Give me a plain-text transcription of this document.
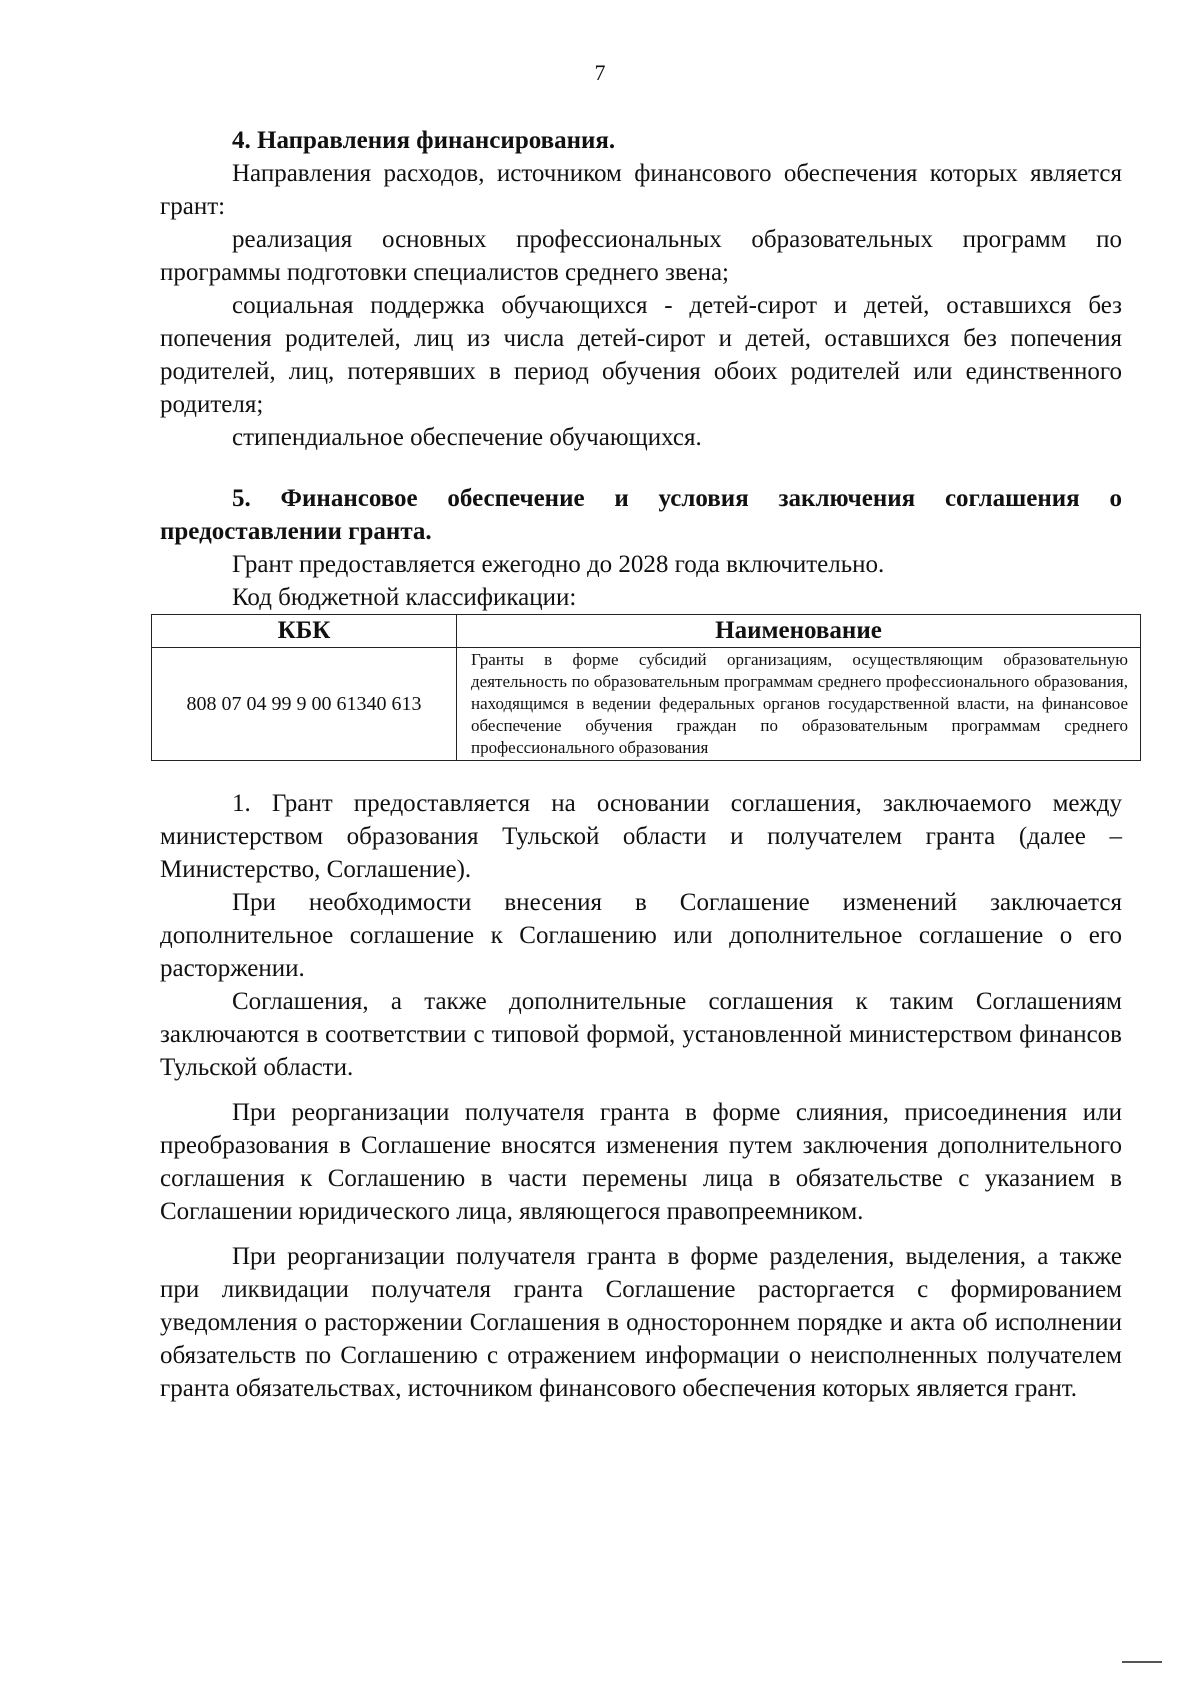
7

4. Направления финансирования.

Направления расходов, источником финансового обеспечения которых является грант:

реализация основных профессиональных образовательных программ по программы подготовки специалистов среднего звена;

социальная поддержка обучающихся - детей-сирот и детей, оставшихся без попечения родителей, лиц из числа детей-сирот и детей, оставшихся без попечения родителей, лиц, потерявших в период обучения обоих родителей или единственного родителя;

стипендиальное обеспечение обучающихся.

5. Финансовое обеспечение и условия заключения соглашения о предоставлении гранта.

Грант предоставляется ежегодно до 2028 года включительно.

Код бюджетной классификации:

КБК	Наименование
808 07 04 99 9 00 61340 613	Гранты в форме субсидий организациям, осуществляющим образовательную деятельность по образовательным программам среднего профессионального образования, находящимся в ведении федеральных органов государственной власти, на финансовое обеспечение обучения граждан по образовательным программам среднего профессионального образования

1. Грант предоставляется на основании соглашения, заключаемого между министерством образования Тульской области и получателем гранта (далее – Министерство, Соглашение).

При необходимости внесения в Соглашение изменений заключается дополнительное соглашение к Соглашению или дополнительное соглашение о его расторжении.

Соглашения, а также дополнительные соглашения к таким Соглашениям заключаются в соответствии с типовой формой, установленной министерством финансов Тульской области.

При реорганизации получателя гранта в форме слияния, присоединения или преобразования в Соглашение вносятся изменения путем заключения дополнительного соглашения к Соглашению в части перемены лица в обязательстве с указанием в Соглашении юридического лица, являющегося правопреемником.

При реорганизации получателя гранта в форме разделения, выделения, а также при ликвидации получателя гранта Соглашение расторгается с формированием уведомления о расторжении Соглашения в одностороннем порядке и акта об исполнении обязательств по Соглашению с отражением информации о неисполненных получателем гранта обязательствах, источником финансового обеспечения которых является грант.
